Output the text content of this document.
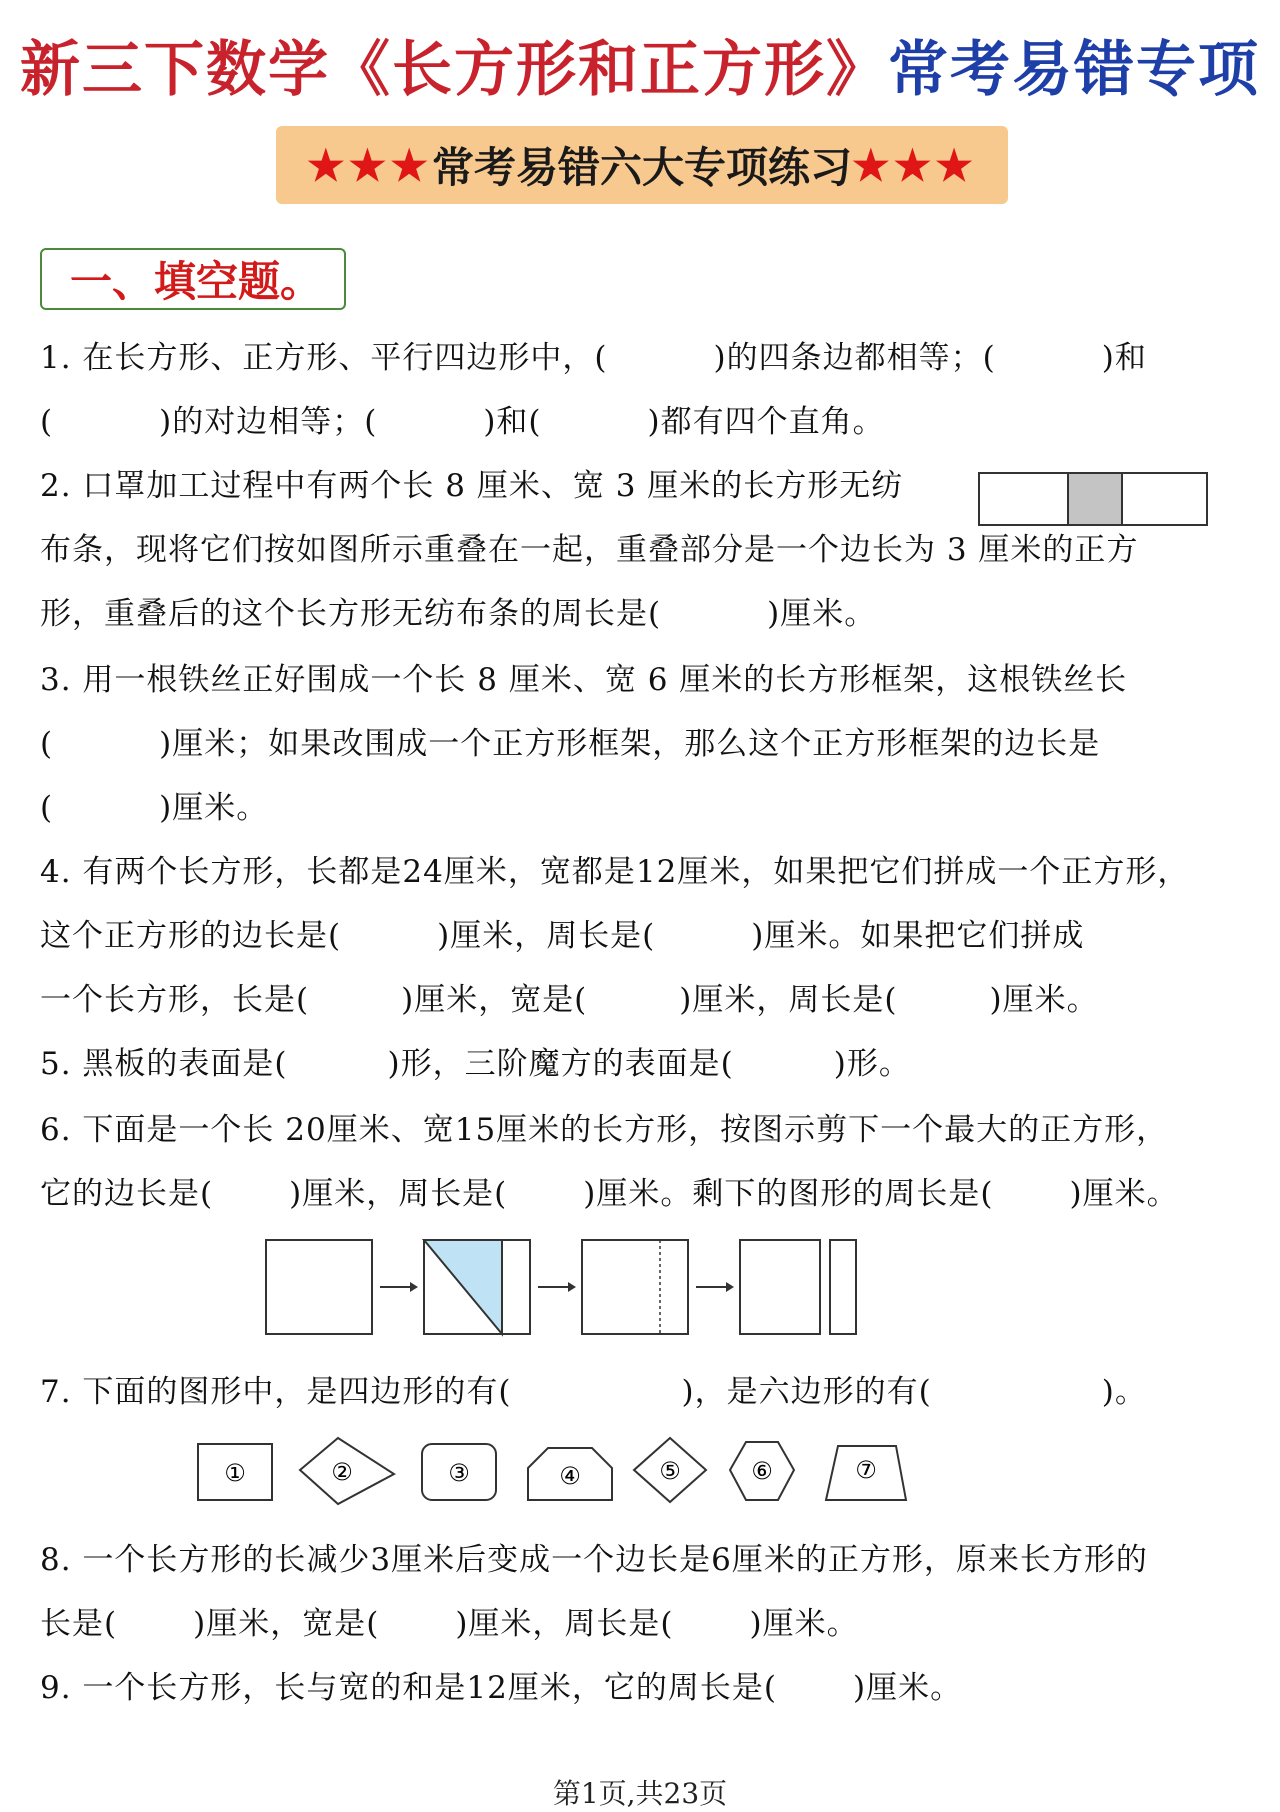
新三下数学《长方形和正方形》常考易错专项
★★★ 常考易错六大专项练习 ★★★
一、填空题。
1. 在长方形、正方形、平行四边形中，(	)的四条边都相等；(	)和
(	)的对边相等；(	)和(	)都有四个直角。
2. 口罩加工过程中有两个长 8 厘米、宽 3 厘米的长方形无纺
布条，现将它们按如图所示重叠在一起，重叠部分是一个边长为 3 厘米的正方
形，重叠后的这个长方形无纺布条的周长是(	)厘米。
3. 用一根铁丝正好围成一个长 8 厘米、宽 6 厘米的长方形框架，这根铁丝长
(	)厘米；如果改围成一个正方形框架，那么这个正方形框架的边长是
(	)厘米。
4. 有两个长方形，长都是24厘米，宽都是12厘米，如果把它们拼成一个正方形，
这个正方形的边长是(	)厘米，周长是(	)厘米。如果把它们拼成
一个长方形，长是(	)厘米，宽是(	)厘米，周长是(	)厘米。
5. 黑板的表面是(	)形，三阶魔方的表面是(	)形。
6. 下面是一个长 20厘米、宽15厘米的长方形，按图示剪下一个最大的正方形，
它的边长是( )厘米，周长是( )厘米。剩下的图形的周长是( )厘米。
7. 下面的图形中，是四边形的有(	)，是六边形的有(	)。
①	②	③	④	⑤	⑥	⑦
8. 一个长方形的长减少3厘米后变成一个边长是6厘米的正方形，原来长方形的
长是( )厘米，宽是( )厘米，周长是( )厘米。
9. 一个长方形，长与宽的和是12厘米，它的周长是( )厘米。
第1页,共23页
